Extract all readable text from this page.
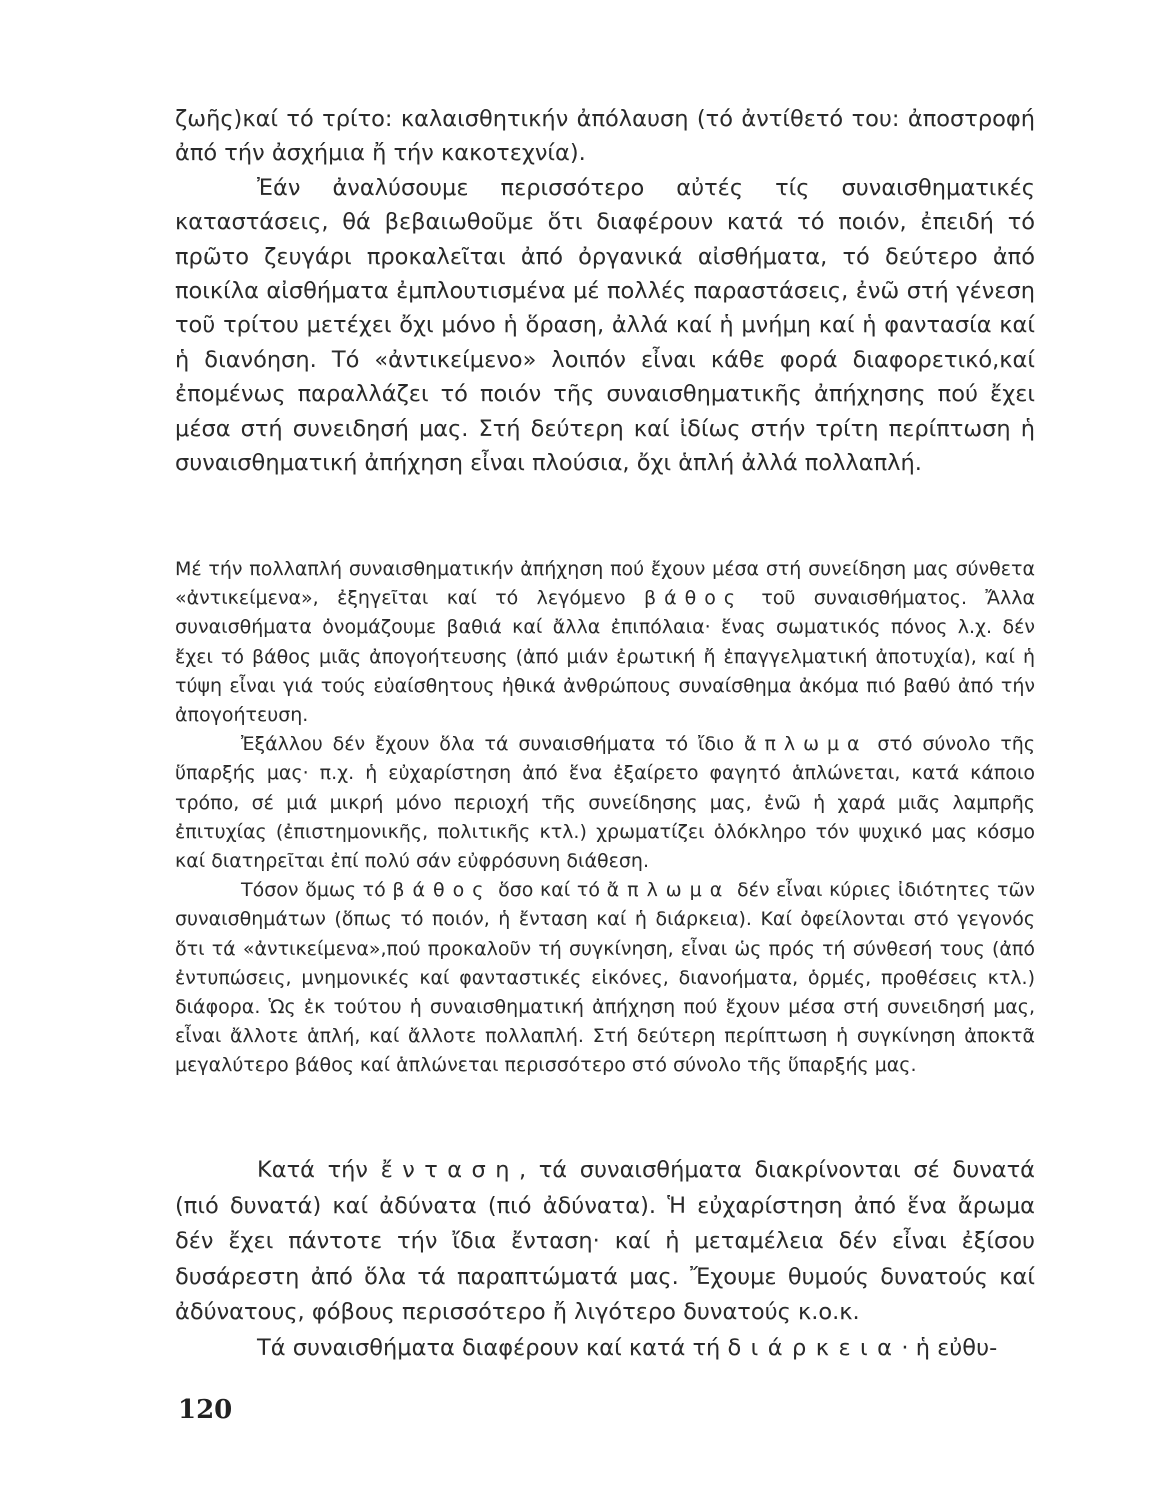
ζωῆς)καί τό τρίτο: καλαισθητικήν ἀπόλαυση (τό ἀντίθετό του: ἀποστροφή ἀπό τήν ἀσχήμια ἤ τήν κακοτεχνία).

Ἐάν ἀναλύσουμε περισσότερο αὐτές τίς συναισθηματικές καταστάσεις, θά βεβαιωθοῦμε ὅτι διαφέρουν κατά τό ποιόν, ἐπειδή τό πρῶτο ζευγάρι προκαλεῖται ἀπό ὀργανικά αἰσθήματα, τό δεύτερο ἀπό ποικίλα αἰσθήματα ἐμπλουτισμένα μέ πολλές παραστάσεις, ἐνῶ στή γένεση τοῦ τρίτου μετέχει ὄχι μόνο ἡ ὅραση, ἀλλά καί ἡ μνήμη καί ἡ φαντασία καί ἡ διανόηση. Τό «ἀντικείμενο» λοιπόν εἶναι κάθε φορά διαφορετικό,καί ἐπομένως παραλλάζει τό ποιόν τῆς συναισθηματικῆς ἀπήχησης πού ἔχει μέσα στή συνειδησή μας. Στή δεύτερη καί ἰδίως στήν τρίτη περίπτωση ἡ συναισθηματική ἀπήχηση εἶναι πλούσια, ὄχι ἁπλή ἀλλά πολλαπλή.

Μέ τήν πολλαπλή συναισθηματικήν ἀπήχηση πού ἔχουν μέσα στή συνείδηση μας σύνθετα «ἀντικείμενα», ἐξηγεῖται καί τό λεγόμενο βάθος τοῦ συναισθήματος. Ἄλλα συναισθήματα ὀνομάζουμε βαθιά καί ἄλλα ἐπιπόλαια· ἕνας σωματικός πόνος λ.χ. δέν ἔχει τό βάθος μιᾶς ἀπογοήτευσης (ἀπό μιάν ἐρωτική ἤ ἐπαγγελματική ἀποτυχία), καί ἡ τύψη εἶναι γιά τούς εὐαίσθητους ἠθικά ἀνθρώπους συναίσθημα ἀκόμα πιό βαθύ ἀπό τήν ἀπογοήτευση.

Ἐξάλλου δέν ἔχουν ὅλα τά συναισθήματα τό ἴδιο ἄπλωμα στό σύνολο τῆς ὕπαρξής μας· π.χ. ἡ εὐχαρίστηση ἀπό ἕνα ἐξαίρετο φαγητό ἁπλώνεται, κατά κάποιο τρόπο, σέ μιά μικρή μόνο περιοχή τῆς συνείδησης μας, ἐνῶ ἡ χαρά μιᾶς λαμπρῆς ἐπιτυχίας (ἐπιστημονικῆς, πολιτικῆς κτλ.) χρωματίζει ὁλόκληρο τόν ψυχικό μας κόσμο καί διατηρεῖται ἐπί πολύ σάν εὐφρόσυνη διάθεση.

Τόσον ὅμως τό βάθος ὅσο καί τό ἄπλωμα δέν εἶναι κύριες ἰδιότητες τῶν συναισθημάτων (ὅπως τό ποιόν, ἡ ἔνταση καί ἡ διάρκεια). Καί ὀφείλονται στό γεγονός ὅτι τά «ἀντικείμενα»,πού προκαλοῦν τή συγκίνηση, εἶναι ὡς πρός τή σύνθεσή τους (ἀπό ἐντυπώσεις, μνημονικές καί φανταστικές εἰκόνες, διανοήματα, ὁρμές, προθέσεις κτλ.) διάφορα. Ὡς ἐκ τούτου ἡ συναισθηματική ἀπήχηση πού ἔχουν μέσα στή συνειδησή μας, εἶναι ἄλλοτε ἁπλή, καί ἄλλοτε πολλαπλή. Στή δεύτερη περίπτωση ἡ συγκίνηση ἀποκτᾶ μεγαλύτερο βάθος καί ἁπλώνεται περισσότερο στό σύνολο τῆς ὕπαρξής μας.

Κατά τήν ἔνταση, τά συναισθήματα διακρίνονται σέ δυνατά (πιό δυνατά) καί ἀδύνατα (πιό ἀδύνατα). Ἡ εὐχαρίστηση ἀπό ἕνα ἄρωμα δέν ἔχει πάντοτε τήν ἴδια ἔνταση· καί ἡ μεταμέλεια δέν εἶναι ἐξίσου δυσάρεστη ἀπό ὅλα τά παραπτώματά μας. Ἔχουμε θυμούς δυνατούς καί ἀδύνατους, φόβους περισσότερο ἤ λιγότερο δυνατούς κ.ο.κ.

Τά συναισθήματα διαφέρουν καί κατά τή διάρκεια· ἡ εὐθυ-

120
